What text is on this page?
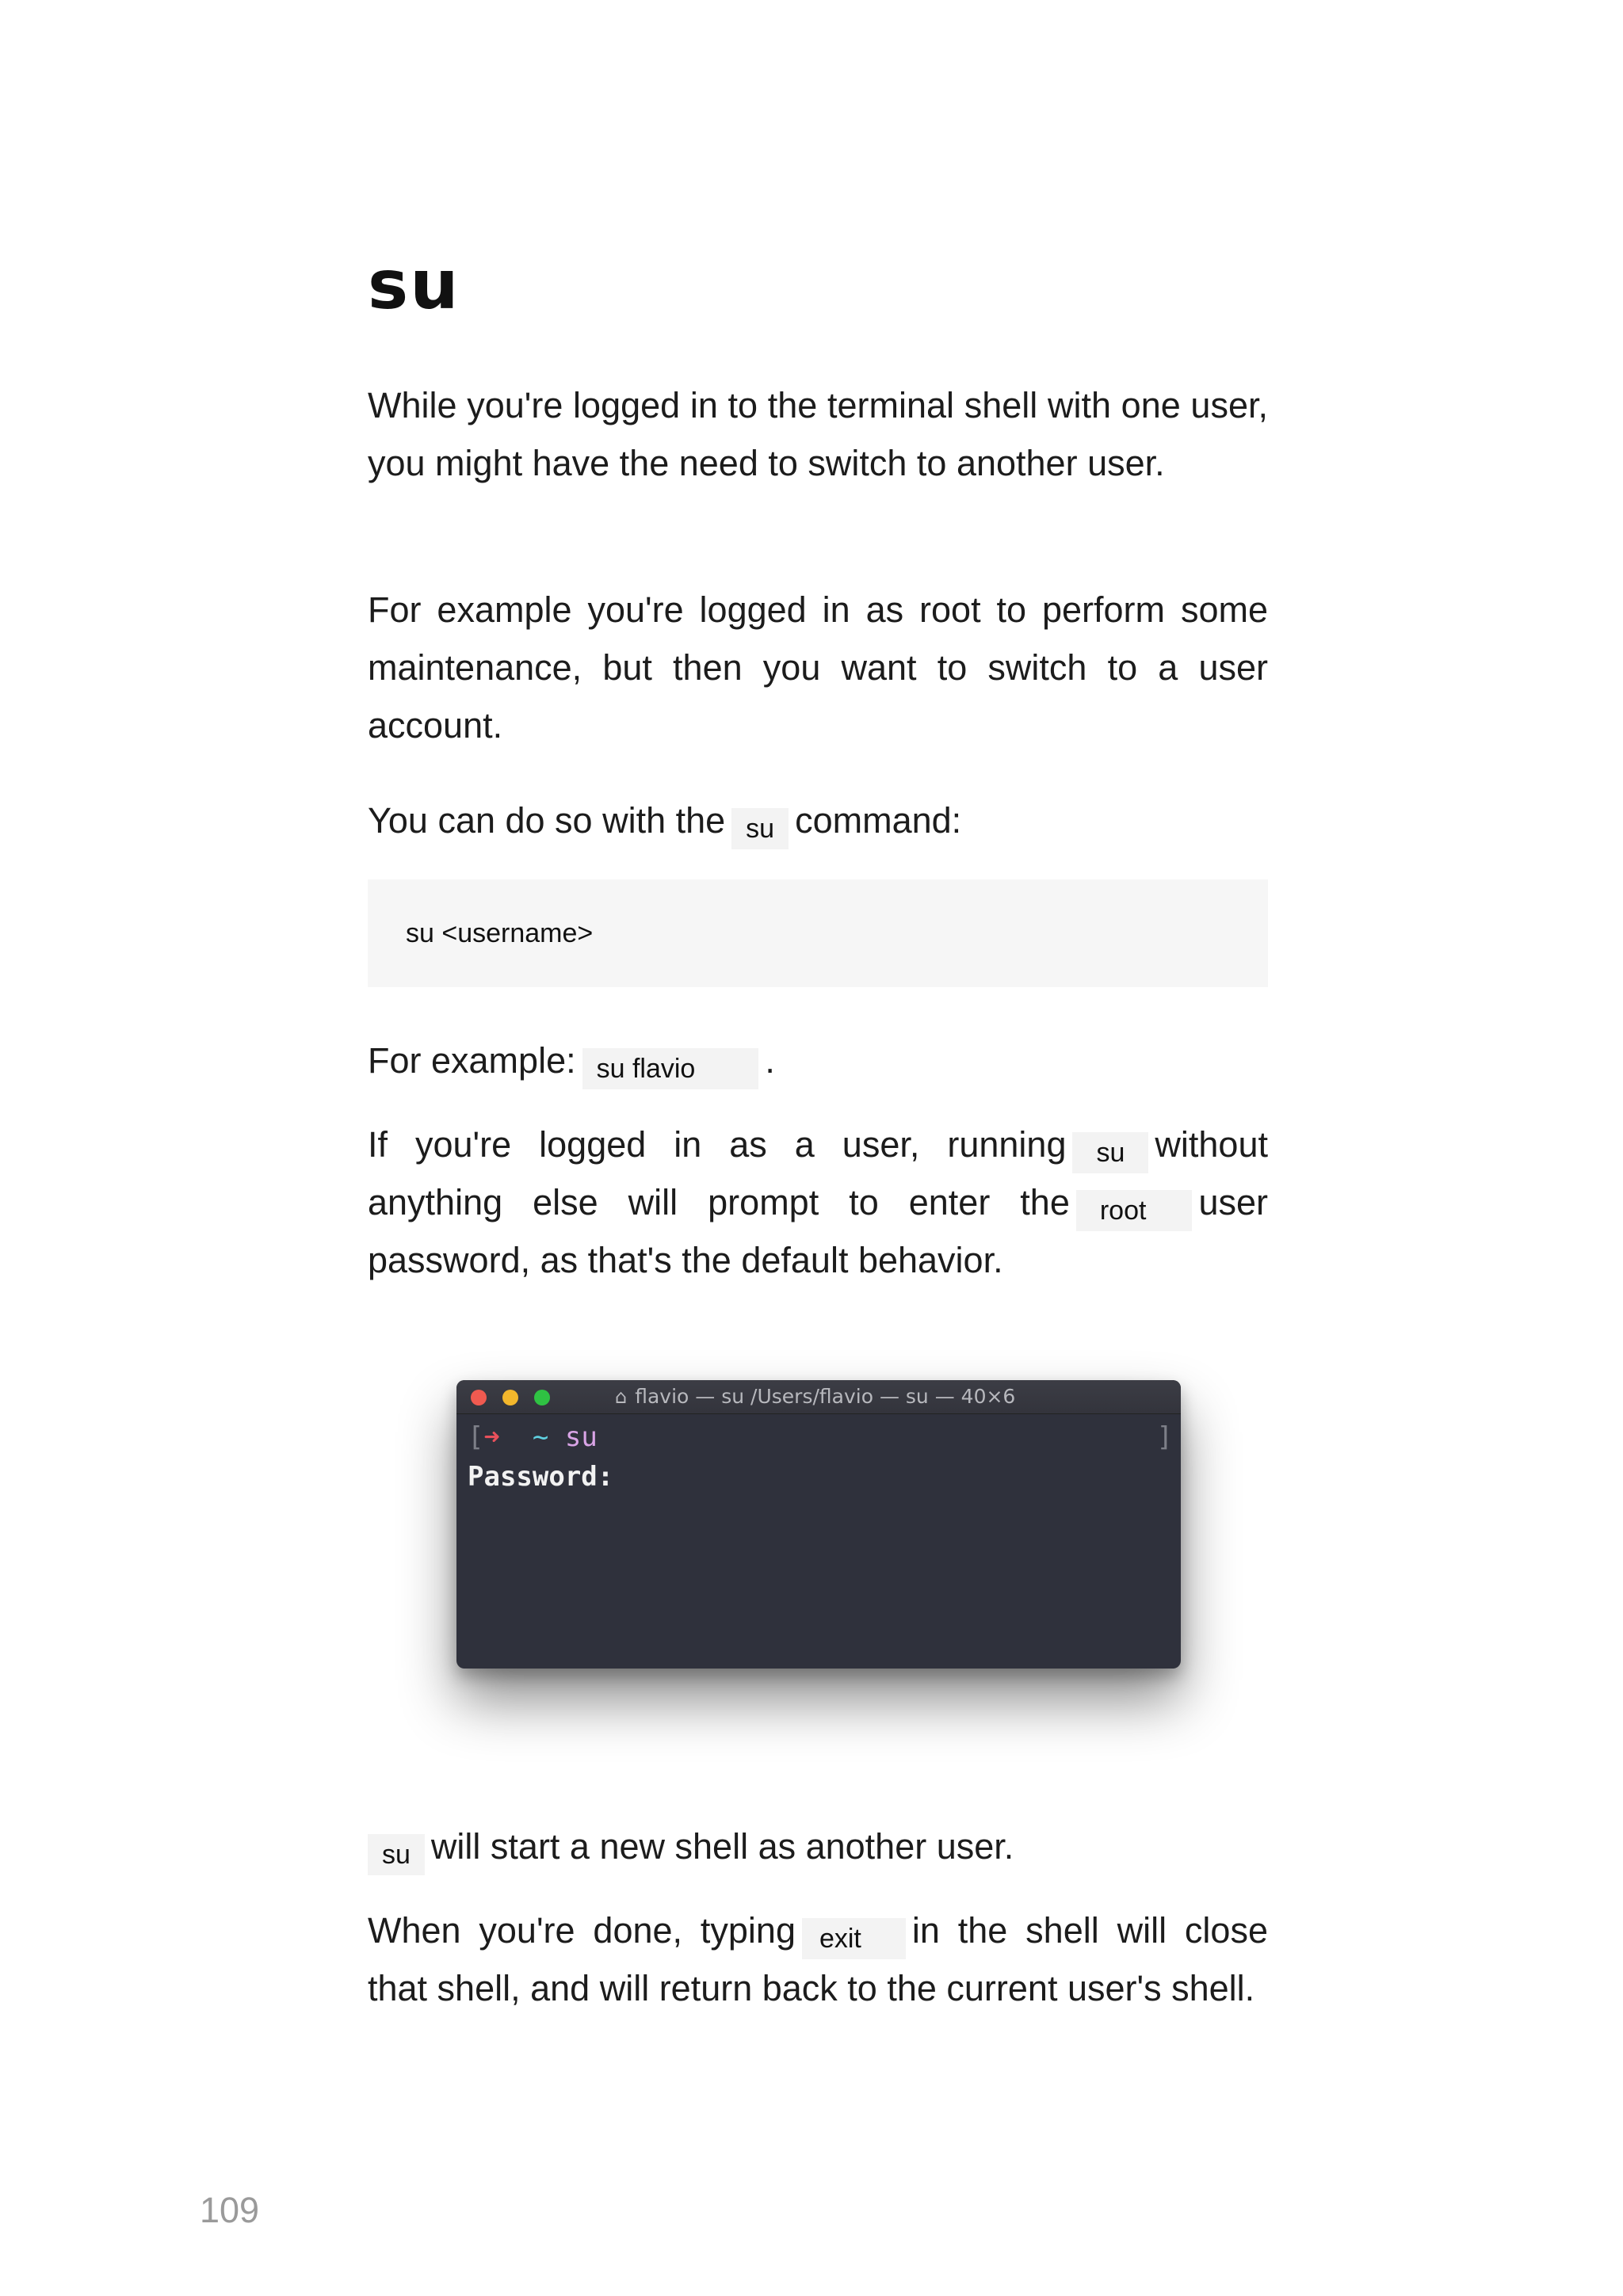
su

While you're logged in to the terminal shell with one user, you might have the need to switch to another user.

For example you're logged in as root to perform some maintenance, but then you want to switch to a user account.

You can do so with the su command:

su <username>

For example: su flavio .

If you're logged in as a user, running su without anything else will prompt to enter the root user password, as that's the default behavior.

su will start a new shell as another user.

When you're done, typing exit in the shell will close that shell, and will return back to the current user's shell.

⌂ flavio — su /Users/flavio — su — 40×6
[➜ ~ su
Password:
]
109
